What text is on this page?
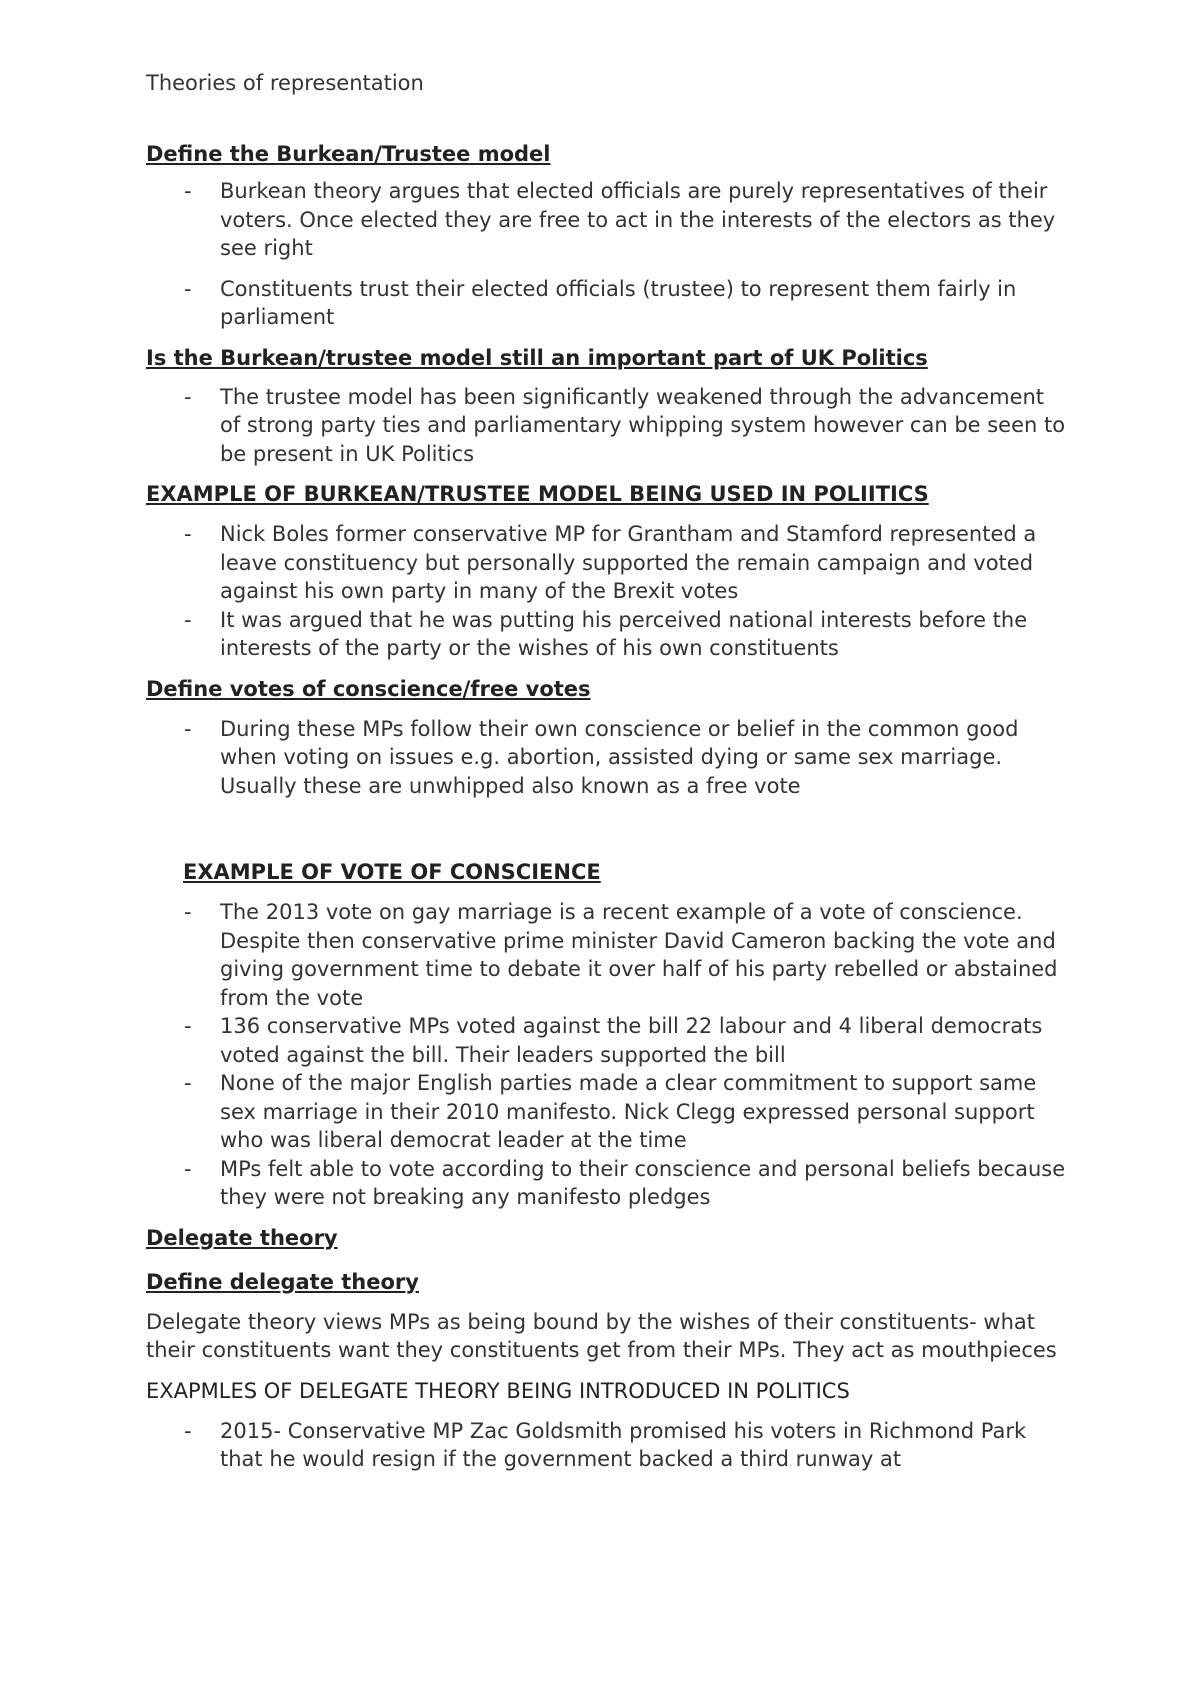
Theories of representation

Define the Burkean/Trustee model

- Burkean theory argues that elected officials are purely representatives of their voters. Once elected they are free to act in the interests of the electors as they see right
- Constituents trust their elected officials (trustee) to represent them fairly in parliament

Is the Burkean/trustee model still an important part of UK Politics

- The trustee model has been significantly weakened through the advancement of strong party ties and parliamentary whipping system however can be seen to be present in UK Politics

EXAMPLE OF BURKEAN/TRUSTEE MODEL BEING USED IN POLIITICS

- Nick Boles former conservative MP for Grantham and Stamford represented a leave constituency but personally supported the remain campaign and voted against his own party in many of the Brexit votes
- It was argued that he was putting his perceived national interests before the interests of the party or the wishes of his own constituents

Define votes of conscience/free votes

- During these MPs follow their own conscience or belief in the common good when voting on issues e.g. abortion, assisted dying or same sex marriage. Usually these are unwhipped also known as a free vote

EXAMPLE OF VOTE OF CONSCIENCE

- The 2013 vote on gay marriage is a recent example of a vote of conscience. Despite then conservative prime minister David Cameron backing the vote and giving government time to debate it over half of his party rebelled or abstained from the vote
- 136 conservative MPs voted against the bill 22 labour and 4 liberal democrats voted against the bill. Their leaders supported the bill
- None of the major English parties made a clear commitment to support same sex marriage in their 2010 manifesto. Nick Clegg expressed personal support who was liberal democrat leader at the time
- MPs felt able to vote according to their conscience and personal beliefs because they were not breaking any manifesto pledges

Delegate theory

Define delegate theory

Delegate theory views MPs as being bound by the wishes of their constituents- what their constituents want they constituents get from their MPs. They act as mouthpieces

EXAPMLES OF DELEGATE THEORY BEING INTRODUCED IN POLITICS

- 2015- Conservative MP Zac Goldsmith promised his voters in Richmond Park that he would resign if the government backed a third runway at
